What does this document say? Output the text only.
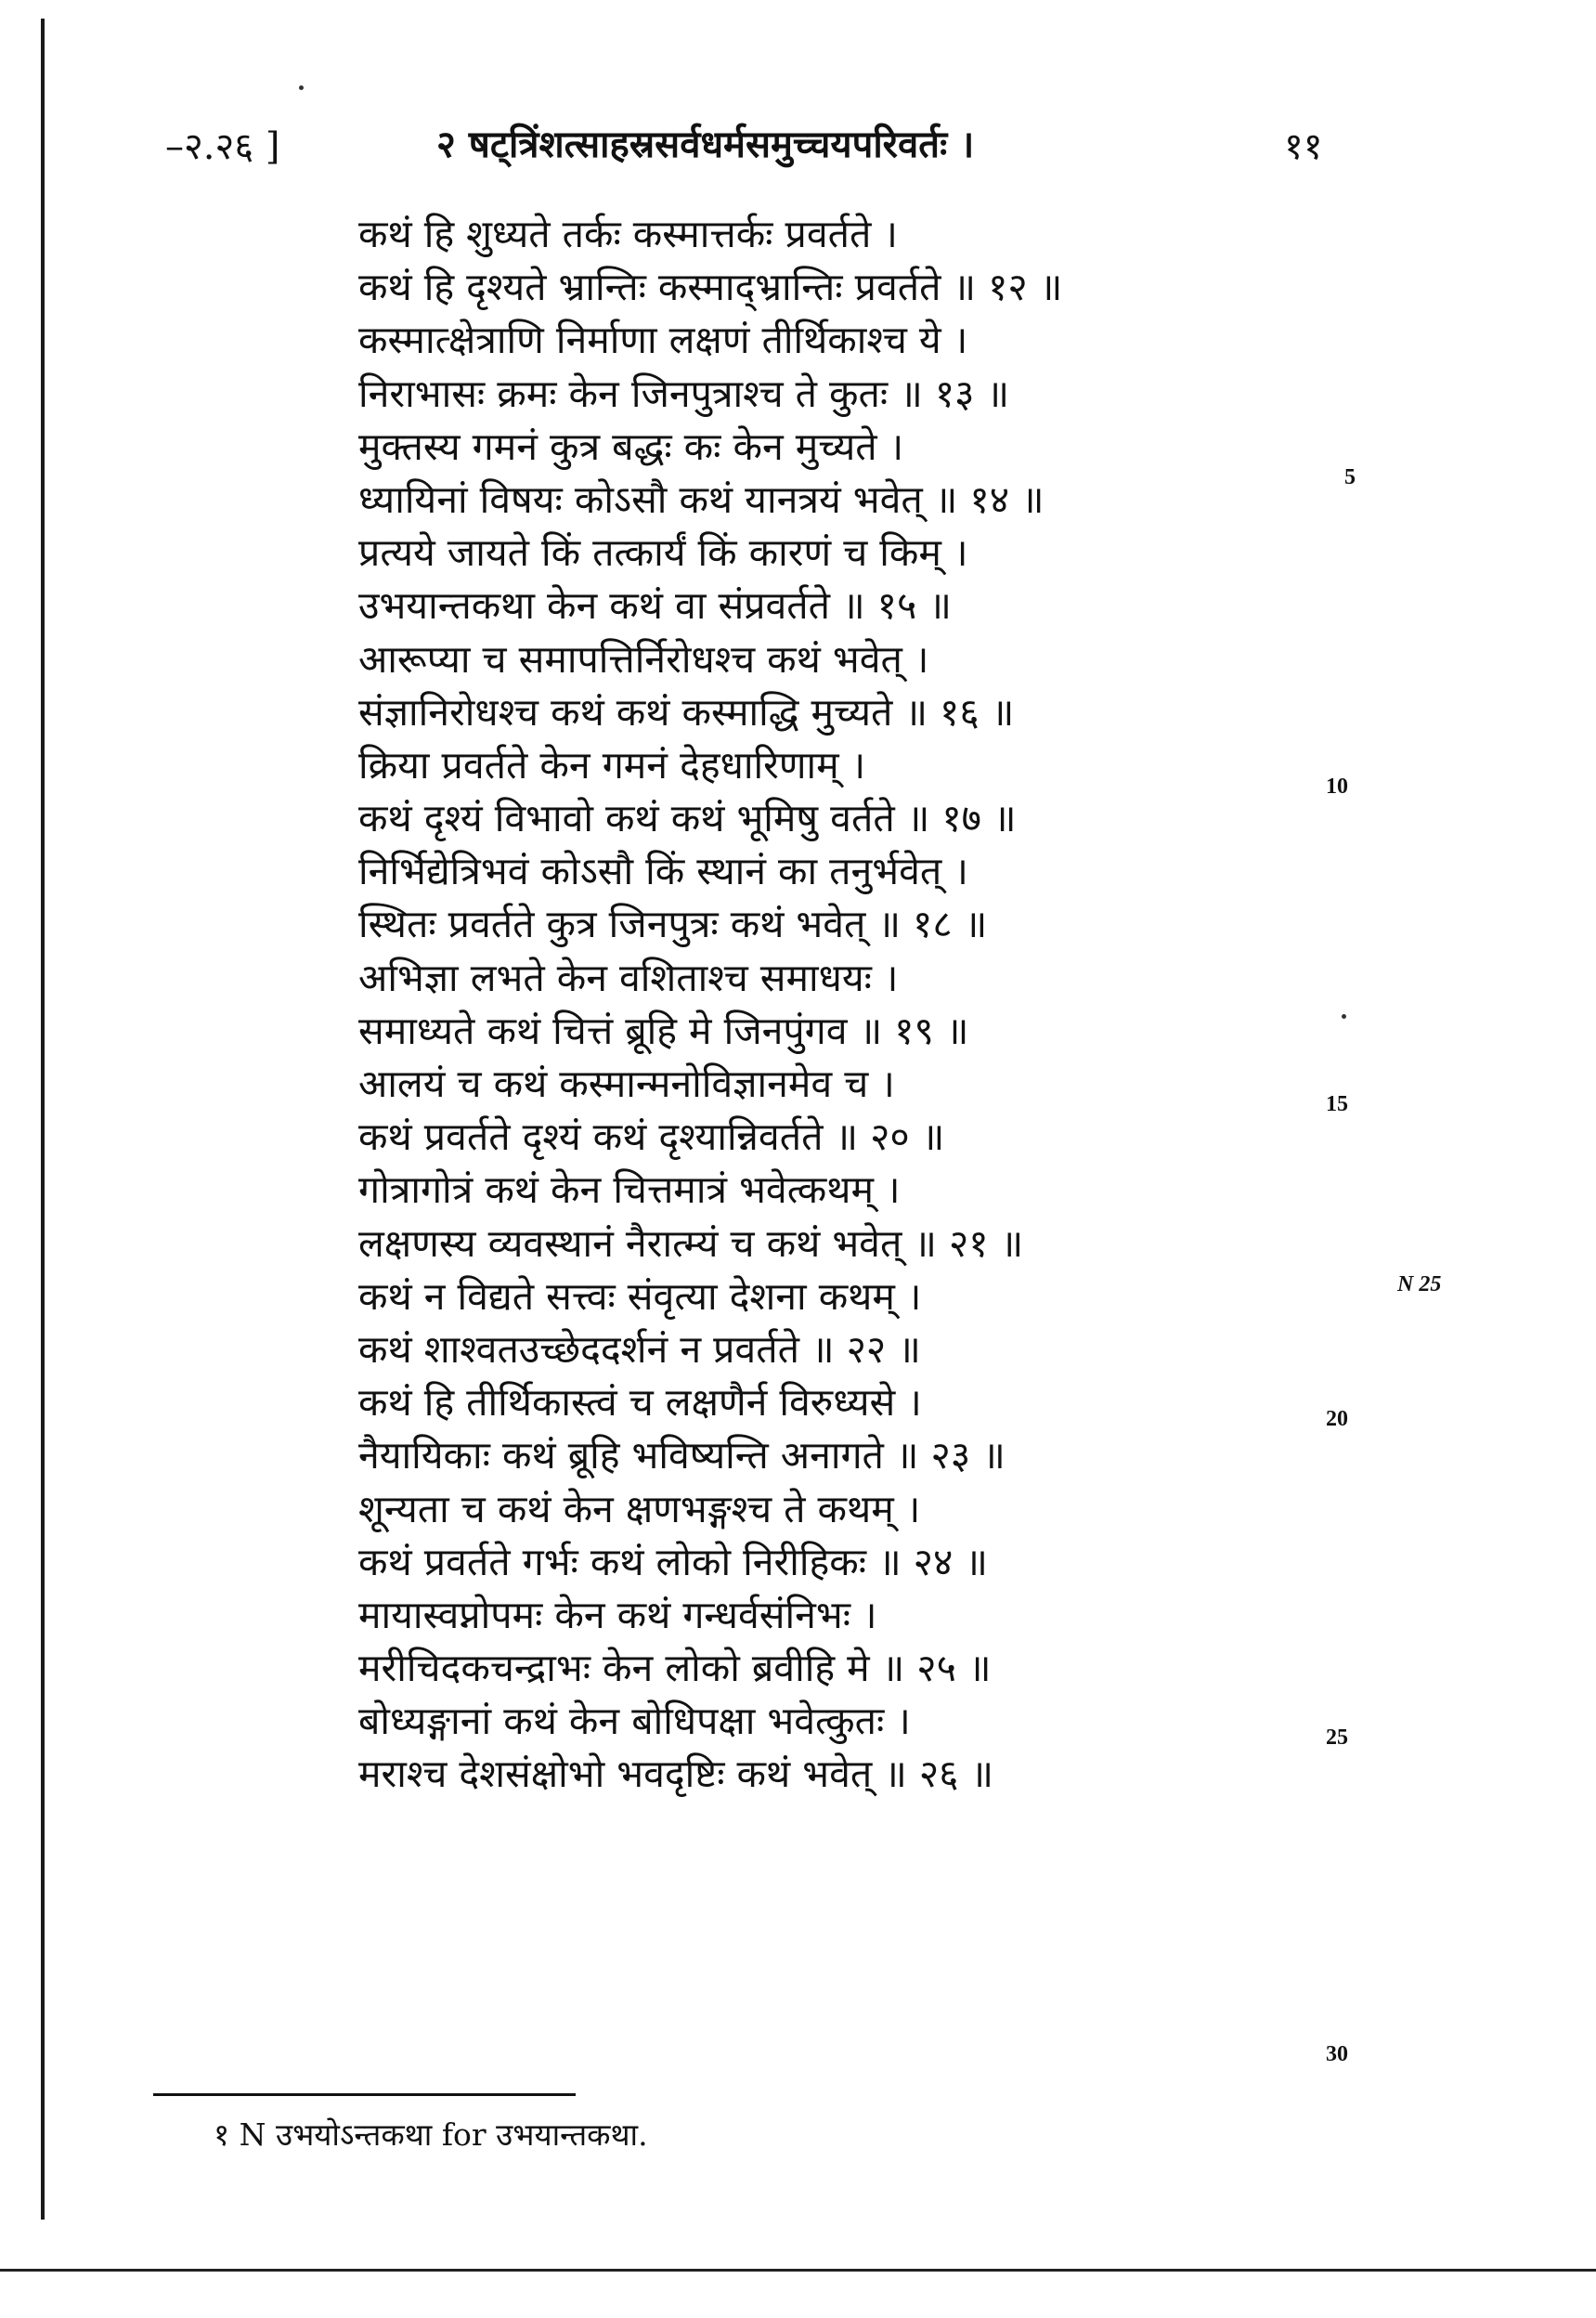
–२.२६ ]	२ षट्त्रिंशत्साहस्रसर्वधर्मसमुच्चयपरिवर्तः ।	११
कथं हि शुध्यते तर्कः कस्मात्तर्कः प्रवर्तते ।
कथं हि दृश्यते भ्रान्तिः कस्माद्भ्रान्तिः प्रवर्तते ॥ १२ ॥
कस्मात्क्षेत्राणि निर्माणा लक्षणं तीर्थिकाश्च ये ।
निराभासः क्रमः केन जिनपुत्राश्च ते कुतः ॥ १३ ॥
मुक्तस्य गमनं कुत्र बद्धः कः केन मुच्यते ।
ध्यायिनां विषयः कोऽसौ कथं यानत्रयं भवेत् ॥ १४ ॥
प्रत्यये जायते किं तत्कार्यं किं कारणं च किम् ।
उभयान्तकथा केन कथं वा संप्रवर्तते ॥ १५ ॥
आरूप्या च समापत्तिर्निरोधश्च कथं भवेत् ।
संज्ञानिरोधश्च कथं कथं कस्माद्धि मुच्यते ॥ १६ ॥
क्रिया प्रवर्तते केन गमनं देहधारिणाम् ।
कथं दृश्यं विभावो कथं कथं भूमिषु वर्तते ॥ १७ ॥
निर्भिद्येत्रिभवं कोऽसौ किं स्थानं का तनुर्भवेत् ।
स्थितः प्रवर्तते कुत्र जिनपुत्रः कथं भवेत् ॥ १८ ॥
अभिज्ञा लभते केन वशिताश्च समाधयः ।
समाध्यते कथं चित्तं ब्रूहि मे जिनपुंगव ॥ १९ ॥
आलयं च कथं कस्मान्मनोविज्ञानमेव च ।
कथं प्रवर्तते दृश्यं कथं दृश्यान्निवर्तते ॥ २० ॥
गोत्रागोत्रं कथं केन चित्तमात्रं भवेत्कथम् ।
लक्षणस्य व्यवस्थानं नैरात्म्यं च कथं भवेत् ॥ २१ ॥
कथं न विद्यते सत्त्वः संवृत्या देशना कथम् ।
कथं शाश्वतउच्छेददर्शनं न प्रवर्तते ॥ २२ ॥
कथं हि तीर्थिकास्त्वं च लक्षणैर्न विरुध्यसे ।
नैयायिकाः कथं ब्रूहि भविष्यन्ति अनागते ॥ २३ ॥
शून्यता च कथं केन क्षणभङ्गश्च ते कथम् ।
कथं प्रवर्तते गर्भः कथं लोको निरीहिकः ॥ २४ ॥
मायास्वप्नोपमः केन कथं गन्धर्वसंनिभः ।
मरीचिदकचन्द्राभः केन लोको ब्रवीहि मे ॥ २५ ॥
बोध्यङ्गानां कथं केन बोधिपक्षा भवेत्कुतः ।
मराश्च देशसंक्षोभो भवदृष्टिः कथं भवेत् ॥ २६ ॥
5
10
15
N 25
20
25
30
१ N उभयोऽन्तकथा for उभयान्तकथा.
